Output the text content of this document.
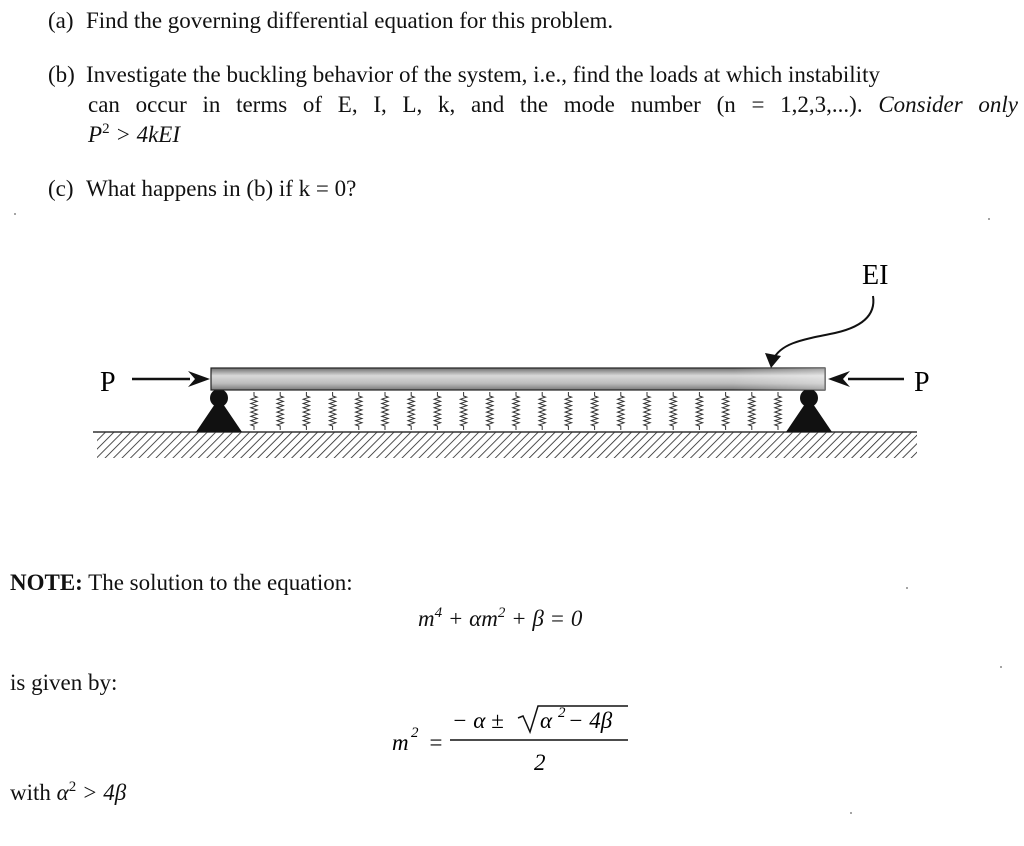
(a) Find the governing differential equation for this problem.
(b) Investigate the buckling behavior of the system, i.e., find the loads at which instability
can occur in terms of E, I, L, k, and the mode number (n = 1,2,3,...). Consider only
$P^2 > 4kEI$
(c) What happens in (b) if k = 0?
P	P
EI
NOTE: The solution to the equation:
$m^4 + \alpha m^2 + \beta = 0$
is given by:
m 2 =
− α ± α 2 − 4β
2
with $\alpha^2 > 4\beta$
